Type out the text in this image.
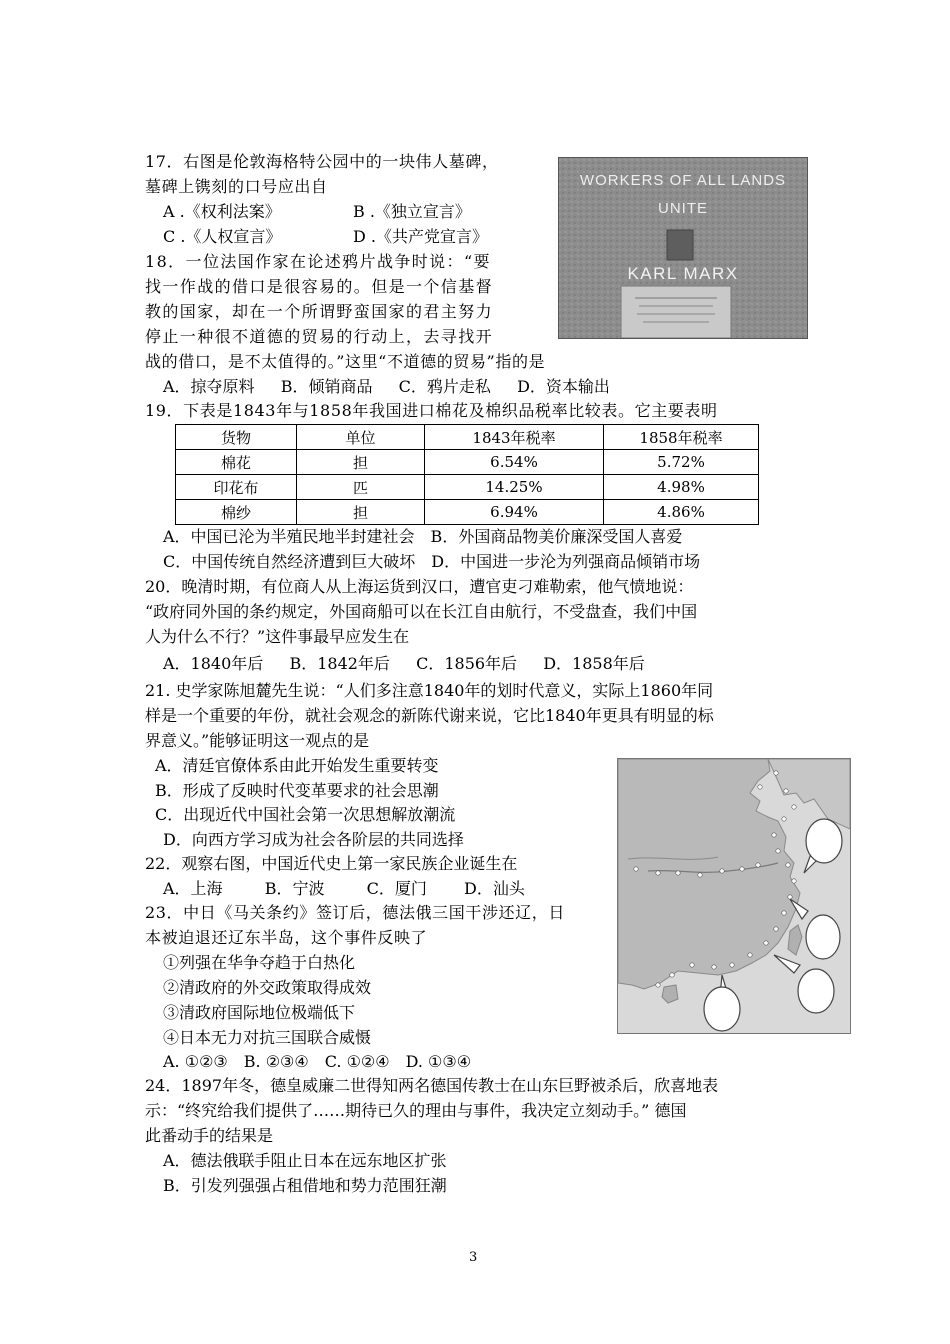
17．右图是伦敦海格特公园中的一块伟人墓碑，
墓碑上镌刻的口号应出自
A .《权利法案》	B .《独立宣言》
C .《人权宣言》	D .《共产党宣言》
WORKERS OF ALL LANDS
UNITE
KARL MARX
18．一位法国作家在论述鸦片战争时说：“要
找一作战的借口是很容易的。但是一个信基督
教的国家，却在一个所谓野蛮国家的君主努力
停止一种很不道德的贸易的行动上，去寻找开
战的借口，是不太值得的。”这里“不道德的贸易”指的是
A．掠夺原料　  B．倾销商品　  C．鸦片走私　  D．资本输出
19．下表是1843年与1858年我国进口棉花及棉织品税率比较表。它主要表明
货物	单位	1843年税率	1858年税率
棉花	担	6.54%	5.72%
印花布	匹	14.25%	4.98%
棉纱	担	6.94%	4.86%
A．中国已沦为半殖民地半封建社会　B．外国商品物美价廉深受国人喜爱
C．中国传统自然经济遭到巨大破坏　D．中国进一步沦为列强商品倾销市场
20．晚清时期，有位商人从上海运货到汉口，遭官吏刁难勒索，他气愤地说：
“政府同外国的条约规定，外国商船可以在长江自由航行，不受盘查，我们中国
人为什么不行？”这件事最早应发生在
A．1840年后　  B．1842年后　  C．1856年后　  D．1858年后
21. 史学家陈旭麓先生说：“人们多注意1840年的划时代意义，实际上1860年同
样是一个重要的年份，就社会观念的新陈代谢来说，它比1840年更具有明显的标
界意义。”能够证明这一观点的是
A．清廷官僚体系由此开始发生重要转变
B．形成了反映时代变革要求的社会思潮
C．出现近代中国社会第一次思想解放潮流
D．向西方学习成为社会各阶层的共同选择
22．观察右图，中国近代史上第一家民族企业诞生在
A．上海　　  B．宁波　　  C．厦门　　 D．汕头
23．中日《马关条约》签订后，德法俄三国干涉还辽，日
本被迫退还辽东半岛，这个事件反映了
①列强在华争夺趋于白热化
②清政府的外交政策取得成效
③清政府国际地位极端低下
④日本无力对抗三国联合威慑
A. ①②③　B. ②③④　C. ①②④　D. ①③④
24．1897年冬，德皇威廉二世得知两名德国传教士在山东巨野被杀后，欣喜地表
示：“终究给我们提供了……期待已久的理由与事件，我决定立刻动手。” 德国
此番动手的结果是
A．德法俄联手阻止日本在远东地区扩张
B．引发列强强占租借地和势力范围狂潮
3
